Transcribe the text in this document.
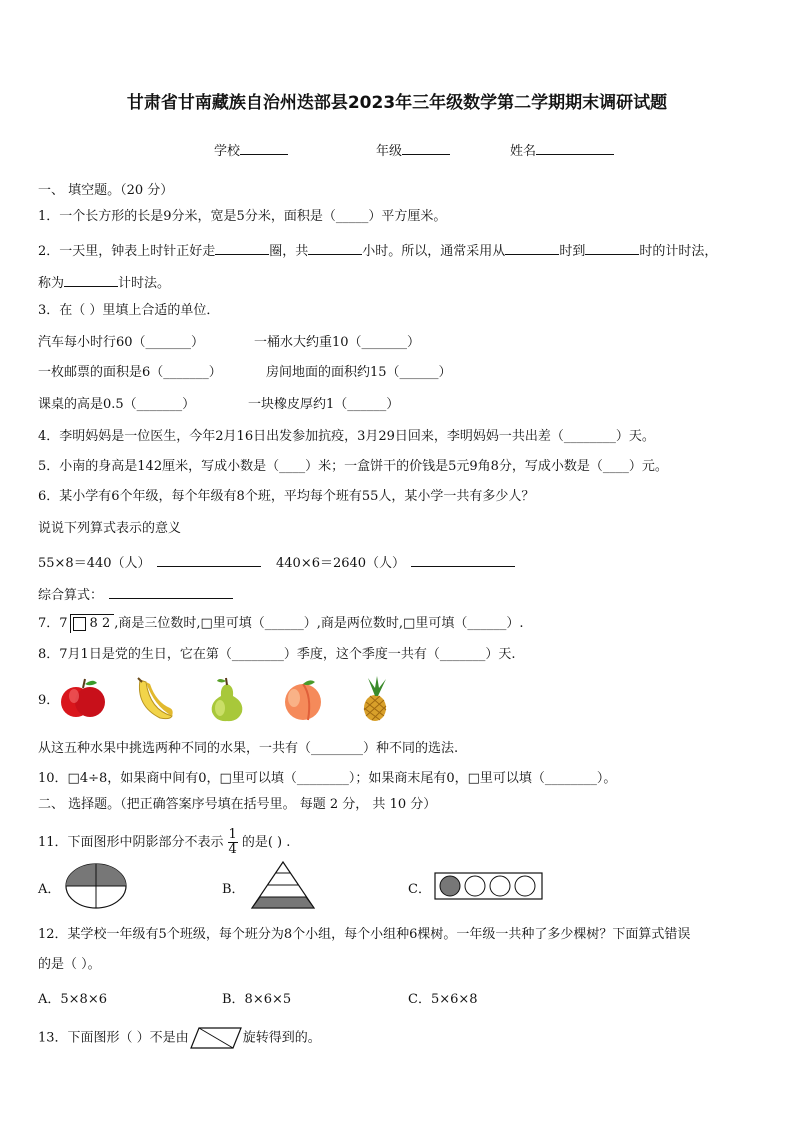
甘肃省甘南藏族自治州迭部县2023年三年级数学第二学期期末调研试题
学校	年级	姓名
一、 填空题。（20 分）
1．一个长方形的长是9分米，宽是5分米，面积是（_____）平方厘米。
2．一天里，钟表上时针正好走	圈，共	小时。所以，通常采用从	时到	时的计时法，
称为	计时法。
3．在（ ）里填上合适的单位．
汽车每小时行60（_______）	一桶水大约重10（_______）
一枚邮票的面积是6（_______）	房间地面的面积约15（______）
课桌的高是0.5（_______）	一块橡皮厚约1（______）
4．李明妈妈是一位医生，今年2月16日出发参加抗疫，3月29日回来，李明妈妈一共出差（________）天。
5．小南的身高是142厘米，写成小数是（____）米；一盒饼干的价钱是5元9角8分，写成小数是（____）元。
6．某小学有6个年级，每个年级有8个班，平均每个班有55人，某小学一共有多少人？
说说下列算式表示的意义
55×8＝440（人）	440×6＝2640（人）
综合算式：
7．7 8 2 ,商是三位数时,□里可填（______）,商是两位数时,□里可填（______）.
8．7月1日是党的生日，它在第（________）季度，这个季度一共有（_______）天.
9．
从这五种水果中挑选两种不同的水果，一共有（________）种不同的选法.
10．□4÷8，如果商中间有0，□里可以填（________）；如果商末尾有0，□里可以填（________）。
二、 选择题。（把正确答案序号填在括号里。 每题 2 分， 共 10 分）
11．下面图形中阴影部分不表示 $\frac{1}{4}$ 的是( ) .
A．	B．	C．
12．某学校一年级有5个班级，每个班分为8个小组，每个小组种6棵树。一年级一共种了多少棵树？下面算式错误
的是（ ）。
A．5×8×6	B．8×6×5	C．5×6×8
13．下面图形（ ）不是由	旋转得到的。
